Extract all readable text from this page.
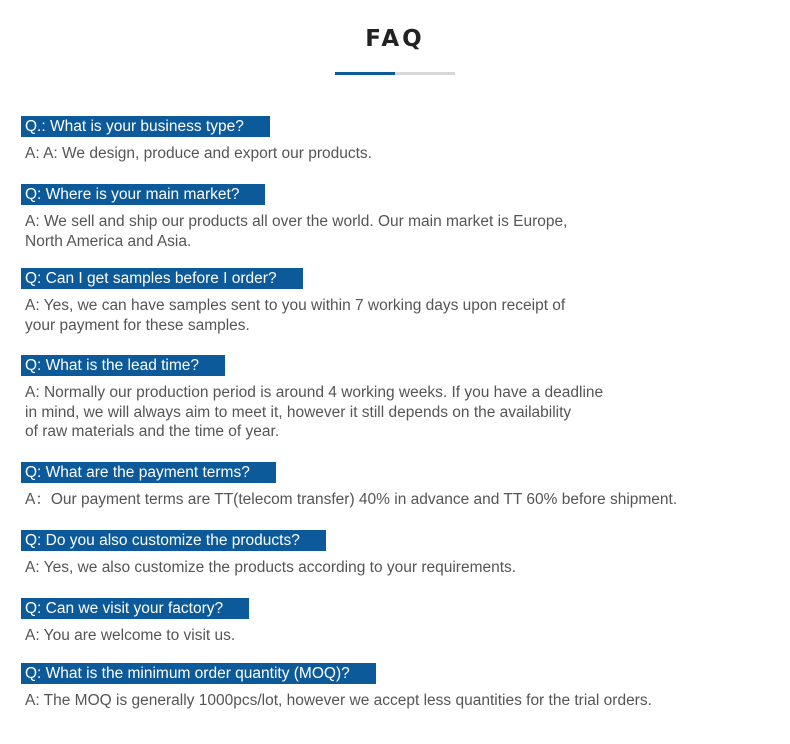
FAQ
Q.: What is your business type?
A: A: We design, produce and export our products.
Q: Where is your main market?
A: We sell and ship our products all over the world. Our main market is Europe,
North America and Asia.
Q: Can I get samples before I order?
A: Yes, we can have samples sent to you within 7 working days upon receipt of
your payment for these samples.
Q: What is the lead time?
A: Normally our production period is around 4 working weeks. If you have a deadline
in mind, we will always aim to meet it, however it still depends on the availability
of raw materials and the time of year.
Q: What are the payment terms?
A：Our payment terms are TT(telecom transfer) 40% in advance and TT 60% before shipment.
Q: Do you also customize the products?
A: Yes, we also customize the products according to your requirements.
Q: Can we visit your factory?
A: You are welcome to visit us.
Q: What is the minimum order quantity (MOQ)?
A: The MOQ is generally 1000pcs/lot, however we accept less quantities for the trial orders.
